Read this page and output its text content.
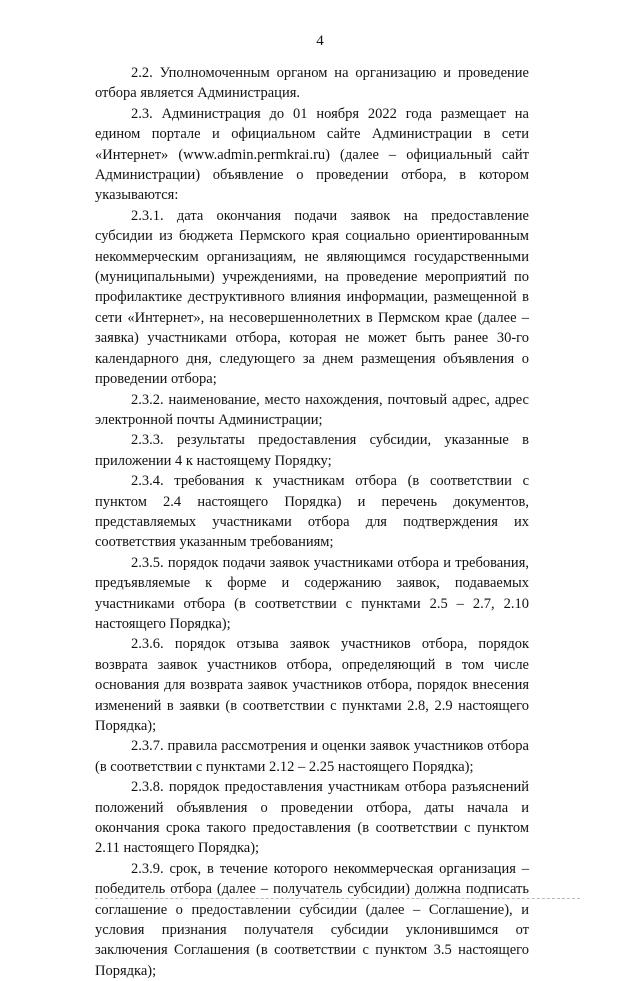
4

2.2. Уполномоченным органом на организацию и проведение отбора является Администрация.

2.3. Администрация до 01 ноября 2022 года размещает на едином портале и официальном сайте Администрации в сети «Интернет» (www.admin.permkrai.ru) (далее – официальный сайт Администрации) объявление о проведении отбора, в котором указываются:

2.3.1. дата окончания подачи заявок на предоставление субсидии из бюджета Пермского края социально ориентированным некоммерческим организациям, не являющимся государственными (муниципальными) учреждениями, на проведение мероприятий по профилактике деструктивного влияния информации, размещенной в сети «Интернет», на несовершеннолетних в Пермском крае (далее – заявка) участниками отбора, которая не может быть ранее 30-го календарного дня, следующего за днем размещения объявления о проведении отбора;

2.3.2. наименование, место нахождения, почтовый адрес, адрес электронной почты Администрации;

2.3.3. результаты предоставления субсидии, указанные в приложении 4 к настоящему Порядку;

2.3.4. требования к участникам отбора (в соответствии с пунктом 2.4 настоящего Порядка) и перечень документов, представляемых участниками отбора для подтверждения их соответствия указанным требованиям;

2.3.5. порядок подачи заявок участниками отбора и требования, предъявляемые к форме и содержанию заявок, подаваемых участниками отбора (в соответствии с пунктами 2.5 – 2.7, 2.10 настоящего Порядка);

2.3.6. порядок отзыва заявок участников отбора, порядок возврата заявок участников отбора, определяющий в том числе основания для возврата заявок участников отбора, порядок внесения изменений в заявки (в соответствии с пунктами 2.8, 2.9 настоящего Порядка);

2.3.7. правила рассмотрения и оценки заявок участников отбора (в соответствии с пунктами 2.12 – 2.25 настоящего Порядка);

2.3.8. порядок предоставления участникам отбора разъяснений положений объявления о проведении отбора, даты начала и окончания срока такого предоставления (в соответствии с пунктом 2.11 настоящего Порядка);

2.3.9. срок, в течение которого некоммерческая организация – победитель отбора (далее – получатель субсидии) должна подписать соглашение о предоставлении субсидии (далее – Соглашение), и условия признания получателя субсидии уклонившимся от заключения Соглашения (в соответствии с пунктом 3.5 настоящего Порядка);
